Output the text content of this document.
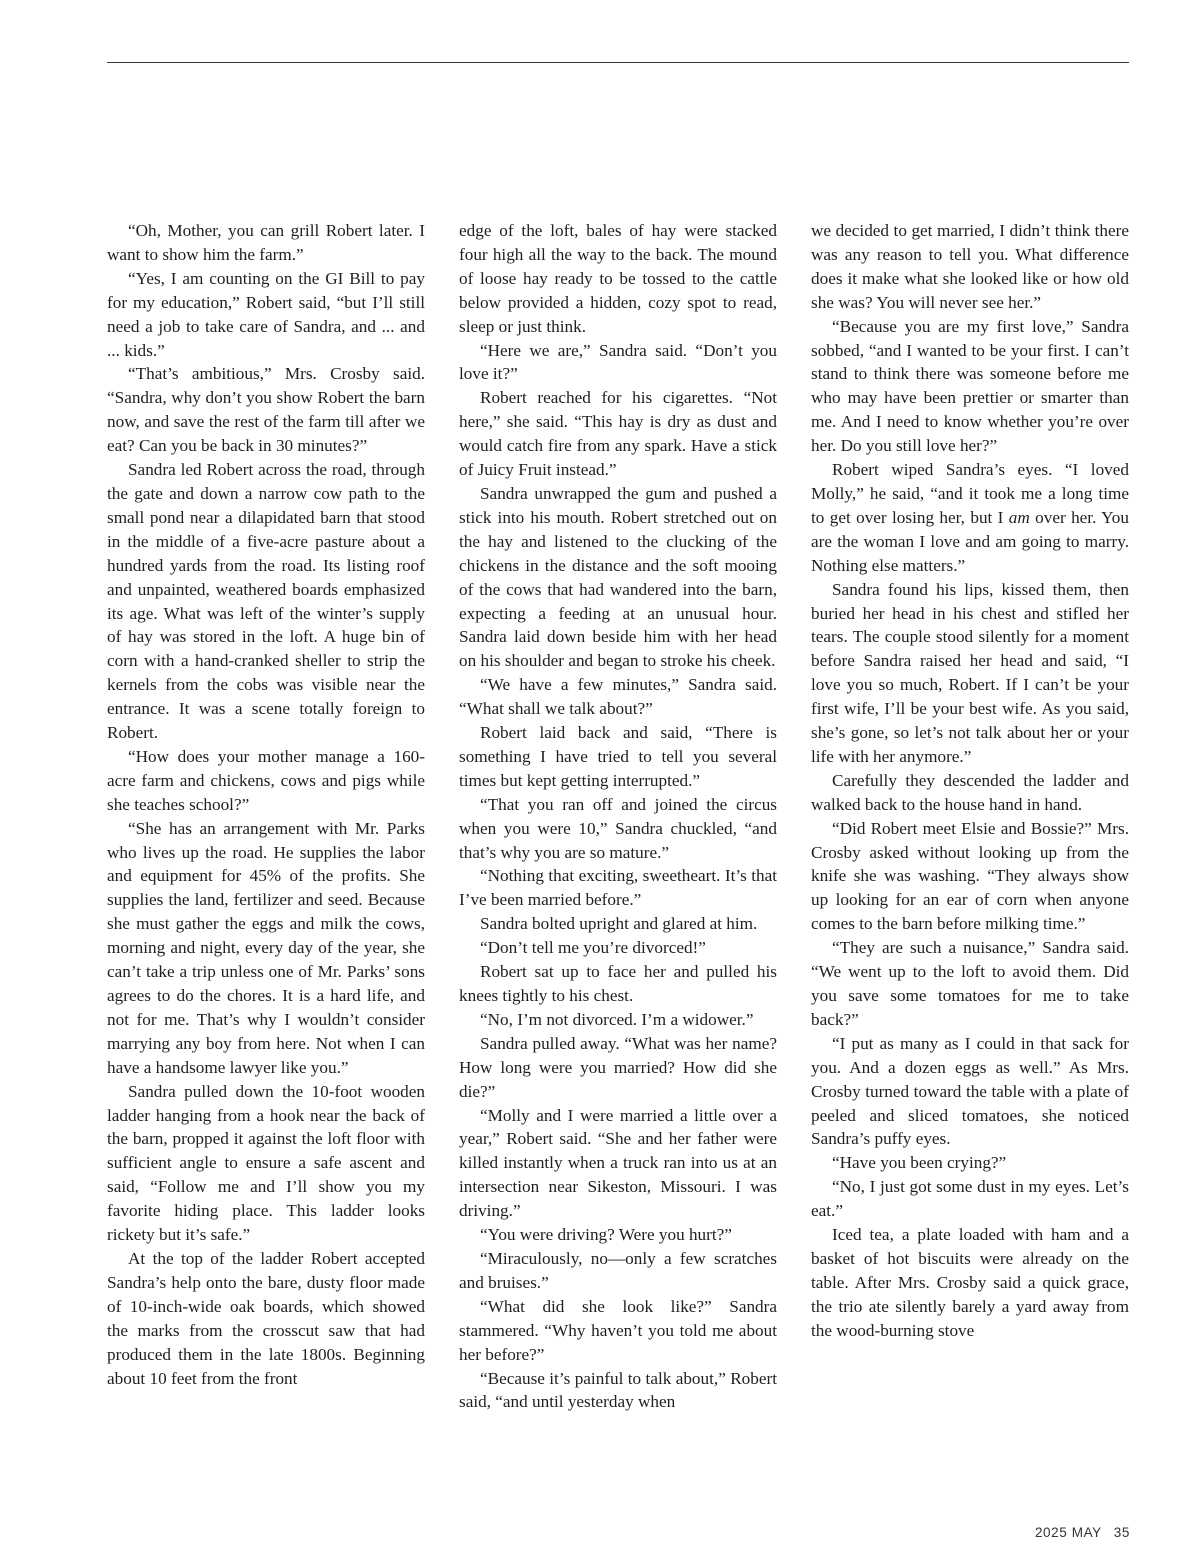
“Oh, Mother, you can grill Robert later. I want to show him the farm.”

“Yes, I am counting on the GI Bill to pay for my education,” Robert said, “but I’ll still need a job to take care of Sandra, and ... and ... kids.”

“That’s ambitious,” Mrs. Crosby said. “Sandra, why don’t you show Robert the barn now, and save the rest of the farm till after we eat? Can you be back in 30 minutes?”

Sandra led Robert across the road, through the gate and down a narrow cow path to the small pond near a dilapidated barn that stood in the middle of a five-acre pasture about a hundred yards from the road. Its listing roof and unpainted, weathered boards emphasized its age. What was left of the winter’s supply of hay was stored in the loft. A huge bin of corn with a hand-cranked sheller to strip the kernels from the cobs was visible near the entrance. It was a scene totally foreign to Robert.

“How does your mother manage a 160-acre farm and chickens, cows and pigs while she teaches school?”

“She has an arrangement with Mr. Parks who lives up the road. He supplies the labor and equipment for 45% of the profits. She supplies the land, fertilizer and seed. Because she must gather the eggs and milk the cows, morning and night, every day of the year, she can’t take a trip unless one of Mr. Parks’ sons agrees to do the chores. It is a hard life, and not for me. That’s why I wouldn’t consider marrying any boy from here. Not when I can have a handsome lawyer like you.”

Sandra pulled down the 10-foot wooden ladder hanging from a hook near the back of the barn, propped it against the loft floor with sufficient angle to ensure a safe ascent and said, “Follow me and I’ll show you my favorite hiding place. This ladder looks rickety but it’s safe.”

At the top of the ladder Robert accepted Sandra’s help onto the bare, dusty floor made of 10-inch-wide oak boards, which showed the marks from the crosscut saw that had produced them in the late 1800s. Beginning about 10 feet from the front

edge of the loft, bales of hay were stacked four high all the way to the back. The mound of loose hay ready to be tossed to the cattle below provided a hidden, cozy spot to read, sleep or just think.

“Here we are,” Sandra said. “Don’t you love it?”

Robert reached for his cigarettes. “Not here,” she said. “This hay is dry as dust and would catch fire from any spark. Have a stick of Juicy Fruit instead.”

Sandra unwrapped the gum and pushed a stick into his mouth. Robert stretched out on the hay and listened to the clucking of the chickens in the distance and the soft mooing of the cows that had wandered into the barn, expecting a feeding at an unusual hour. Sandra laid down beside him with her head on his shoulder and began to stroke his cheek.

“We have a few minutes,” Sandra said. “What shall we talk about?”

Robert laid back and said, “There is something I have tried to tell you several times but kept getting interrupted.”

“That you ran off and joined the circus when you were 10,” Sandra chuckled, “and that’s why you are so mature.”

“Nothing that exciting, sweetheart. It’s that I’ve been married before.”

Sandra bolted upright and glared at him.

“Don’t tell me you’re divorced!”

Robert sat up to face her and pulled his knees tightly to his chest.

“No, I’m not divorced. I’m a widower.”

Sandra pulled away. “What was her name? How long were you married? How did she die?”

“Molly and I were married a little over a year,” Robert said. “She and her father were killed instantly when a truck ran into us at an intersection near Sikeston, Missouri. I was driving.”

“You were driving? Were you hurt?”

“Miraculously, no—only a few scratches and bruises.”

“What did she look like?” Sandra stammered. “Why haven’t you told me about her before?”

“Because it’s painful to talk about,” Robert said, “and until yesterday when

we decided to get married, I didn’t think there was any reason to tell you. What difference does it make what she looked like or how old she was? You will never see her.”

“Because you are my first love,” Sandra sobbed, “and I wanted to be your first. I can’t stand to think there was someone before me who may have been prettier or smarter than me. And I need to know whether you’re over her. Do you still love her?”

Robert wiped Sandra’s eyes. “I loved Molly,” he said, “and it took me a long time to get over losing her, but I am over her. You are the woman I love and am going to marry. Nothing else matters.”

Sandra found his lips, kissed them, then buried her head in his chest and stifled her tears. The couple stood silently for a moment before Sandra raised her head and said, “I love you so much, Robert. If I can’t be your first wife, I’ll be your best wife. As you said, she’s gone, so let’s not talk about her or your life with her anymore.”

Carefully they descended the ladder and walked back to the house hand in hand.

“Did Robert meet Elsie and Bossie?” Mrs. Crosby asked without looking up from the knife she was washing. “They always show up looking for an ear of corn when anyone comes to the barn before milking time.”

“They are such a nuisance,” Sandra said. “We went up to the loft to avoid them. Did you save some tomatoes for me to take back?”

“I put as many as I could in that sack for you. And a dozen eggs as well.” As Mrs. Crosby turned toward the table with a plate of peeled and sliced tomatoes, she noticed Sandra’s puffy eyes.

“Have you been crying?”

“No, I just got some dust in my eyes. Let’s eat.”

Iced tea, a plate loaded with ham and a basket of hot biscuits were already on the table. After Mrs. Crosby said a quick grace, the trio ate silently barely a yard away from the wood-burning stove

2025 MAY 35
